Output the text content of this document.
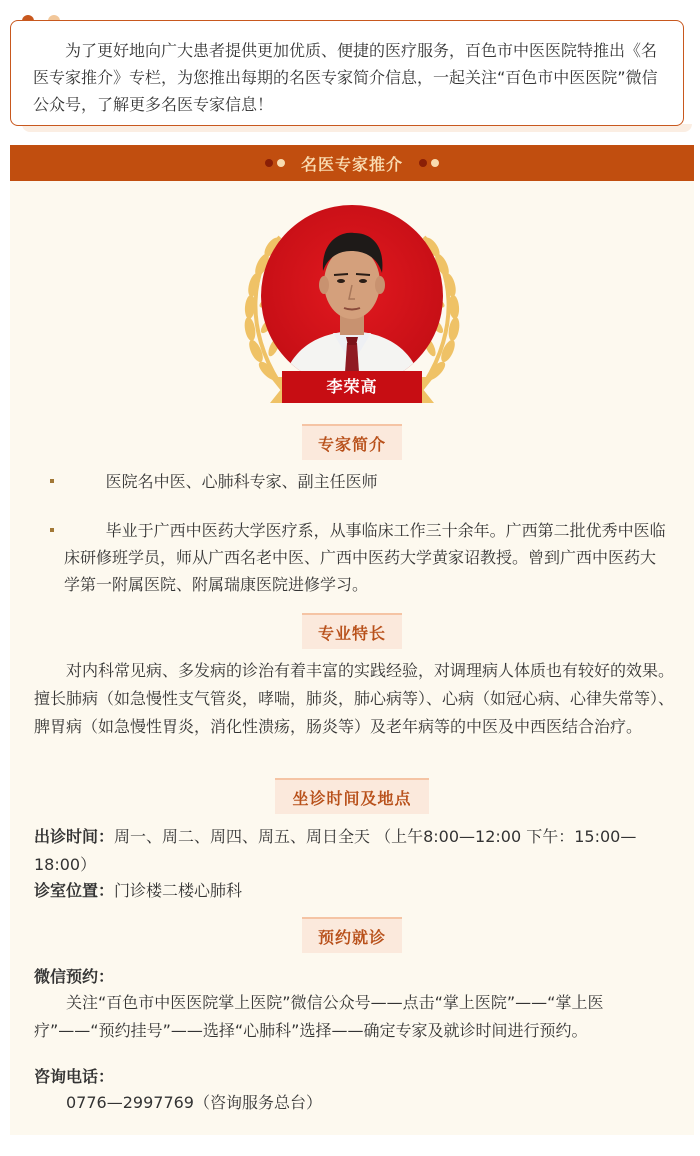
为了更好地向广大患者提供更加优质、便捷的医疗服务，百色市中医医院特推出《名医专家推介》专栏，为您推出每期的名医专家简介信息，一起关注“百色市中医医院”微信公众号，了解更多名医专家信息！

名医专家推介
李荣高
专家简介
医院名中医、心肺科专家、副主任医师
毕业于广西中医药大学医疗系，从事临床工作三十余年。广西第二批优秀中医临床研修班学员，师从广西名老中医、广西中医药大学黄家诏教授。曾到广西中医药大学第一附属医院、附属瑞康医院进修学习。
专业特长
对内科常见病、多发病的诊治有着丰富的实践经验，对调理病人体质也有较好的效果。擅长肺病（如急慢性支气管炎，哮喘，肺炎，肺心病等）、心病（如冠心病、心律失常等）、脾胃病（如急慢性胃炎，消化性溃疡，肠炎等）及老年病等的中医及中西医结合治疗。
坐诊时间及地点
出诊时间：周一、周二、周四、周五、周日全天 （上午8:00—12:00 下午：15:00—18:00）
诊室位置：门诊楼二楼心肺科
预约就诊
微信预约：
关注“百色市中医医院掌上医院”微信公众号——点击“掌上医院”——“掌上医疗”——“预约挂号”——选择“心肺科”选择——确定专家及就诊时间进行预约。
咨询电话：
0776—2997769（咨询服务总台）
